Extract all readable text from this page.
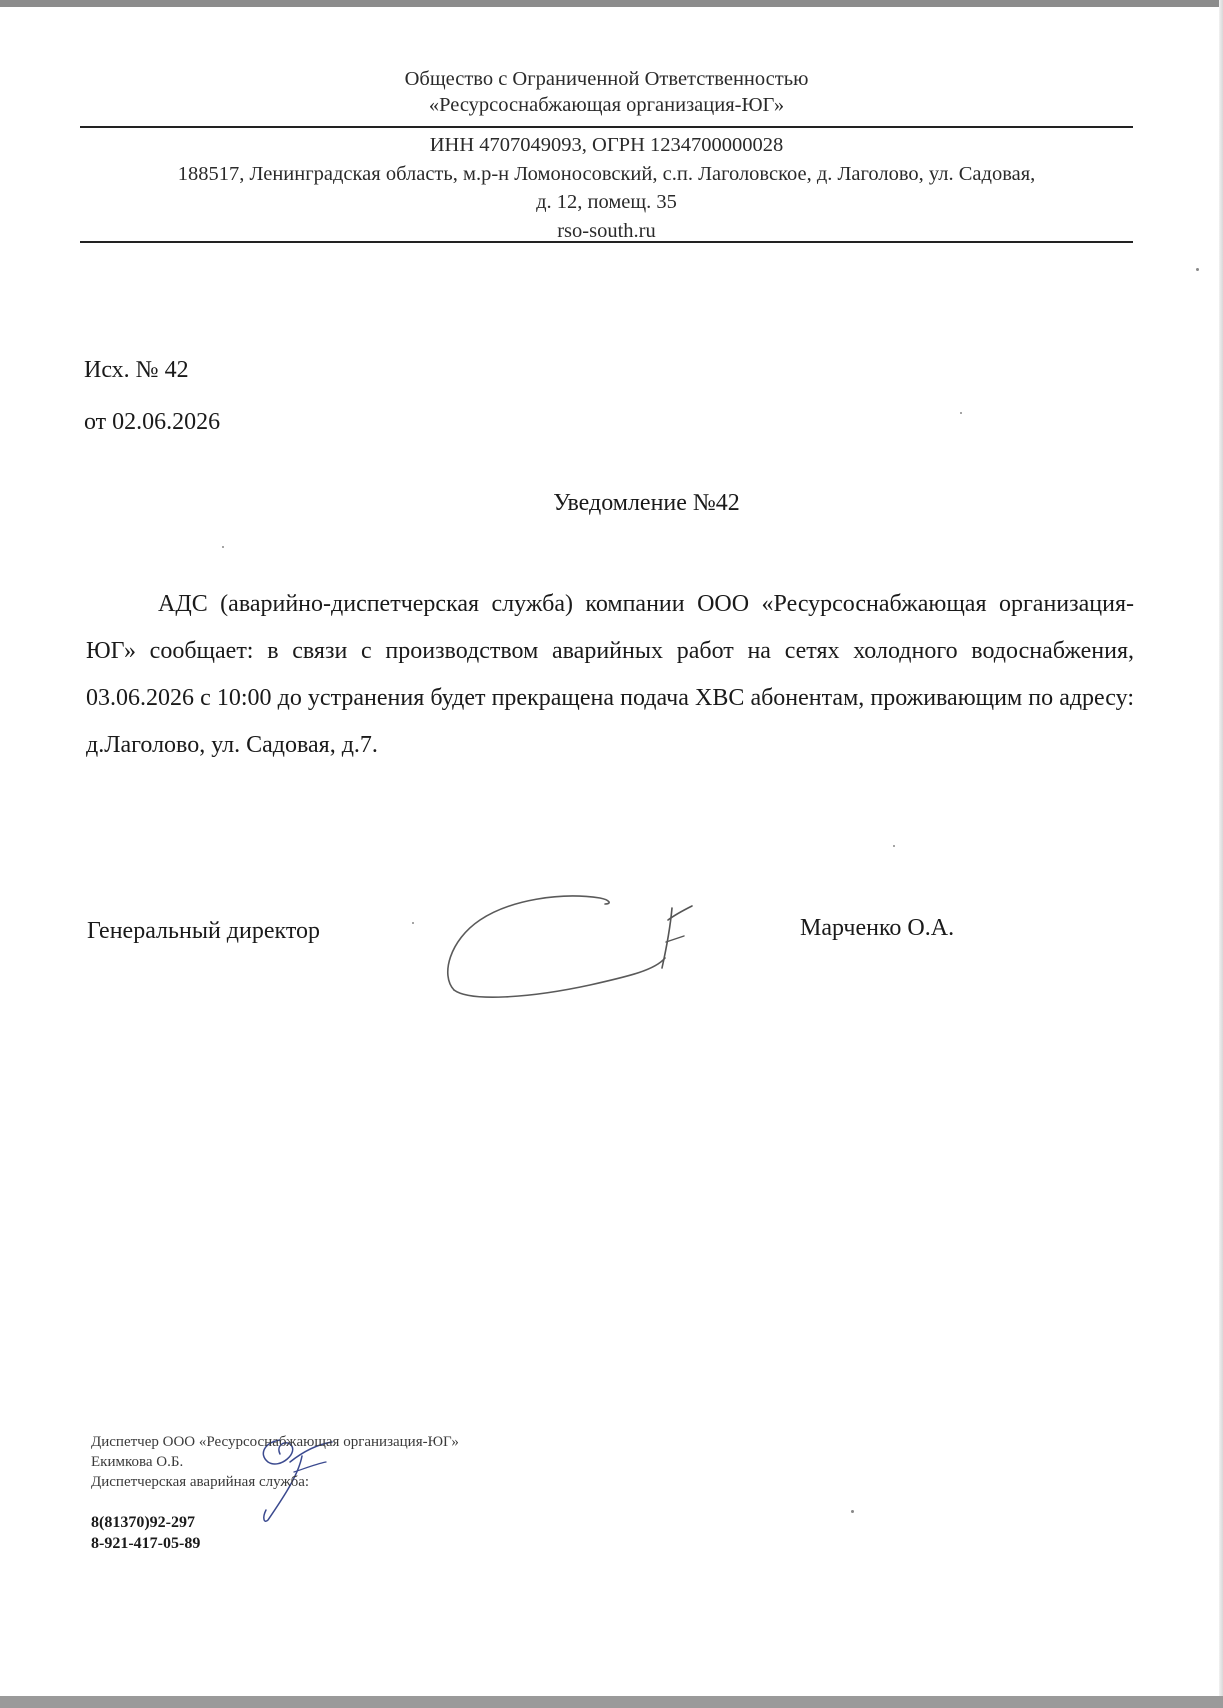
Общество с Ограниченной Ответственностью
«Ресурсоснабжающая организация-ЮГ»
ИНН 4707049093, ОГРН 1234700000028
188517, Ленинградская область, м.р-н Ломоносовский, с.п. Лаголовское, д. Лаголово, ул. Садовая,
д. 12, помещ. 35
rso-south.ru
Исх. № 42
от 02.06.2026
Уведомление №42

АДС (аварийно-диспетчерская служба) компании ООО «Ресурсоснабжающая организация-ЮГ» сообщает: в связи с производством аварийных работ на сетях холодного водоснабжения, 03.06.2026 с 10:00 до устранения будет прекращена подача ХВС абонентам, проживающим по адресу: д.Лаголово, ул. Садовая, д.7.

Генеральный директор	Марченко О.А.
Диспетчер ООО «Ресурсоснабжающая организация-ЮГ»
Екимкова О.Б.
Диспетчерская аварийная служба:
8(81370)92-297
8-921-417-05-89
